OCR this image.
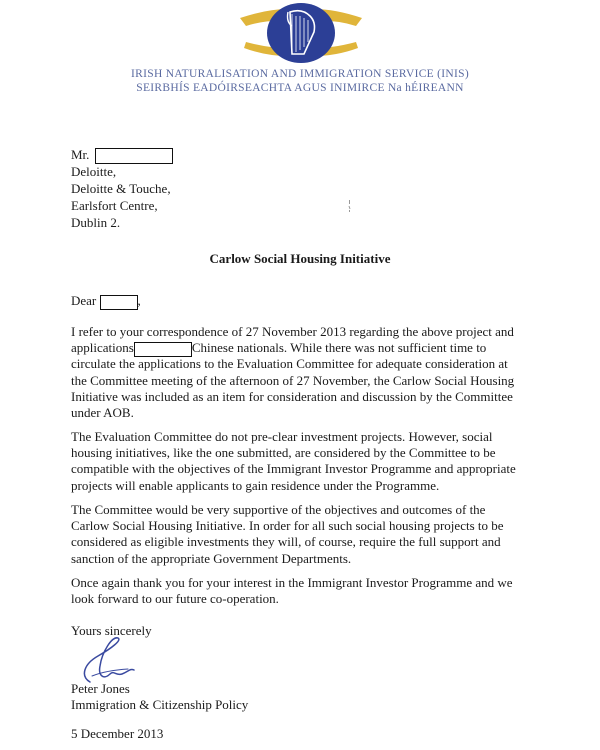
IRISH NATURALISATION AND IMMIGRATION SERVICE (INIS)
SEIRBHÍS EADÓIRSEACHTA AGUS INIMIRCE Na hÉIREANN
Mr.
Deloitte,
Deloitte & Touche,
Earlsfort Centre,
Dublin 2.
Carlow Social Housing Initiative
Dear	,
I refer to your correspondence of 27 November 2013 regarding the above project and
applications	Chinese nationals. While there was not sufficient time to
circulate the applications to the Evaluation Committee for adequate consideration at
the Committee meeting of the afternoon of 27 November, the Carlow Social Housing
Initiative was included as an item for consideration and discussion by the Committee
under AOB.
The Evaluation Committee do not pre-clear investment projects. However, social
housing initiatives, like the one submitted, are considered by the Committee to be
compatible with the objectives of the Immigrant Investor Programme and appropriate
projects will enable applicants to gain residence under the Programme.
The Committee would be very supportive of the objectives and outcomes of the
Carlow Social Housing Initiative. In order for all such social housing projects to be
considered as eligible investments they will, of course, require the full support and
sanction of the appropriate Government Departments.
Once again thank you for your interest in the Immigrant Investor Programme and we
look forward to our future co-operation.
Yours sincerely
Peter Jones
Immigration & Citizenship Policy
5 December 2013
